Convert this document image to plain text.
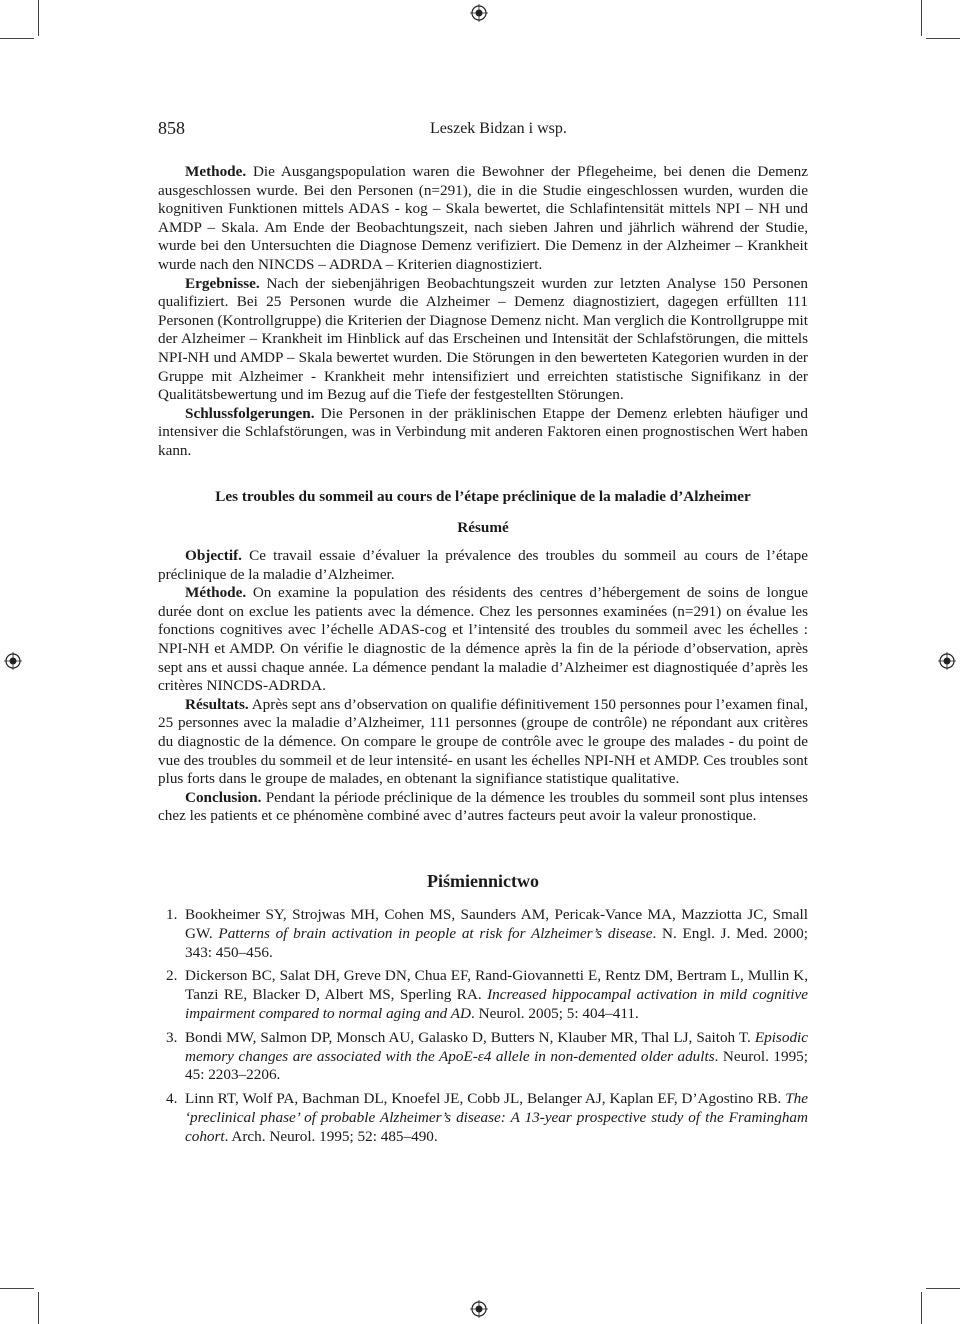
858	Leszek Bidzan i wsp.

Methode. Die Ausgangspopulation waren die Bewohner der Pflegeheime, bei denen die Demenz ausgeschlossen wurde. Bei den Personen (n=291), die in die Studie eingeschlossen wurden, wurden die kognitiven Funktionen mittels ADAS - kog – Skala bewertet, die Schlafintensität mittels NPI – NH und AMDP – Skala. Am Ende der Beobachtungszeit, nach sieben Jahren und jährlich während der Studie, wurde bei den Untersuchten die Diagnose Demenz verifiziert. Die Demenz in der Alzheimer – Krankheit wurde nach den NINCDS – ADRDA – Kriterien diagnostiziert.

Ergebnisse. Nach der siebenjährigen Beobachtungszeit wurden zur letzten Analyse 150 Personen qualifiziert. Bei 25 Personen wurde die Alzheimer – Demenz diagnostiziert, dagegen erfüllten 111 Personen (Kontrollgruppe) die Kriterien der Diagnose Demenz nicht. Man verglich die Kontrollgruppe mit der Alzheimer – Krankheit im Hinblick auf das Erscheinen und Intensität der Schlafstörungen, die mittels NPI-NH und AMDP – Skala bewertet wurden. Die Störungen in den bewerteten Kategorien wurden in der Gruppe mit Alzheimer - Krankheit mehr intensifiziert und erreichten statistische Signifikanz in der Qualitätsbewertung und im Bezug auf die Tiefe der festgestellten Störungen.

Schlussfolgerungen. Die Personen in der präklinischen Etappe der Demenz erlebten häufiger und intensiver die Schlafstörungen, was in Verbindung mit anderen Faktoren einen prognostischen Wert haben kann.

Les troubles du sommeil au cours de l’étape préclinique de la maladie d’Alzheimer
Résumé

Objectif. Ce travail essaie d’évaluer la prévalence des troubles du sommeil au cours de l’étape préclinique de la maladie d’Alzheimer.

Méthode. On examine la population des résidents des centres d’hébergement de soins de longue durée dont on exclue les patients avec la démence. Chez les personnes examinées (n=291) on évalue les fonctions cognitives avec l’échelle ADAS-cog et l’intensité des troubles du sommeil avec les échelles : NPI-NH et AMDP. On vérifie le diagnostic de la démence après la fin de la période d’observation, après sept ans et aussi chaque année. La démence pendant la maladie d’Alzheimer est diagnostiquée d’après les critères NINCDS-ADRDA.

Résultats. Après sept ans d’observation on qualifie définitivement 150 personnes pour l’examen final, 25 personnes avec la maladie d’Alzheimer, 111 personnes (groupe de contrôle) ne répondant aux critères du diagnostic de la démence. On compare le groupe de contrôle avec le groupe des malades - du point de vue des troubles du sommeil et de leur intensité- en usant les échelles NPI-NH et AMDP. Ces troubles sont plus forts dans le groupe de malades, en obtenant la signifiance statistique qualitative.

Conclusion. Pendant la période préclinique de la démence les troubles du sommeil sont plus intenses chez les patients et ce phénomène combiné avec d’autres facteurs peut avoir la valeur pronostique.

Piśmiennictwo
1. Bookheimer SY, Strojwas MH, Cohen MS, Saunders AM, Pericak-Vance MA, Mazziotta JC, Small GW. Patterns of brain activation in people at risk for Alzheimer’s disease. N. Engl. J. Med. 2000; 343: 450–456.
2. Dickerson BC, Salat DH, Greve DN, Chua EF, Rand-Giovannetti E, Rentz DM, Bertram L, Mullin K, Tanzi RE, Blacker D, Albert MS, Sperling RA. Increased hippocampal activation in mild cognitive impairment compared to normal aging and AD. Neurol. 2005; 5: 404–411.
3. Bondi MW, Salmon DP, Monsch AU, Galasko D, Butters N, Klauber MR, Thal LJ, Saitoh T. Episodic memory changes are associated with the ApoE-ε4 allele in non-demented older adults. Neurol. 1995; 45: 2203–2206.
4. Linn RT, Wolf PA, Bachman DL, Knoefel JE, Cobb JL, Belanger AJ, Kaplan EF, D’Agostino RB. The ‘preclinical phase’ of probable Alzheimer’s disease: A 13-year prospective study of the Framingham cohort. Arch. Neurol. 1995; 52: 485–490.
